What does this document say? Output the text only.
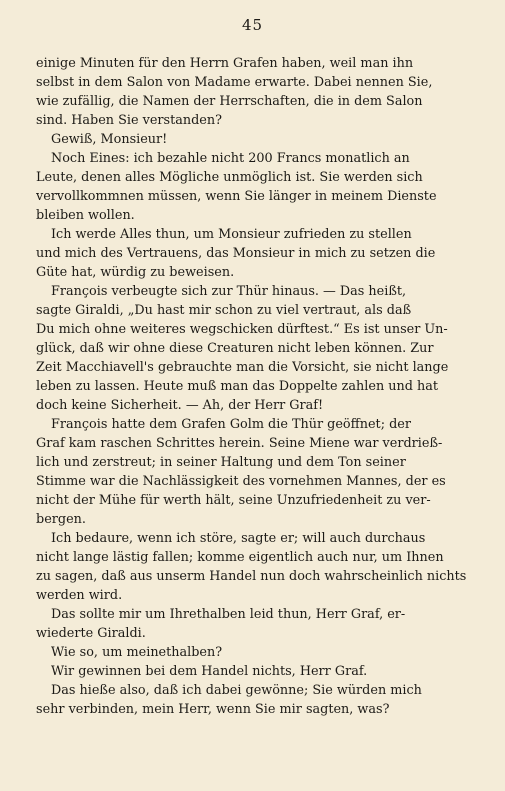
45
einige Minuten für den Herrn Grafen haben, weil man ihn
selbst in dem Salon von Madame erwarte. Dabei nennen Sie,
wie zufällig, die Namen der Herrschaften, die in dem Salon
sind. Haben Sie verstanden?
Gewiß, Monsieur!
Noch Eines: ich bezahle nicht 200 Francs monatlich an
Leute, denen alles Mögliche unmöglich ist. Sie werden sich
vervollkommnen müssen, wenn Sie länger in meinem Dienste
bleiben wollen.
Ich werde Alles thun, um Monsieur zufrieden zu stellen
und mich des Vertrauens, das Monsieur in mich zu setzen die
Güte hat, würdig zu beweisen.
François verbeugte sich zur Thür hinaus. — Das heißt,
sagte Giraldi, „Du hast mir schon zu viel vertraut, als daß
Du mich ohne weiteres wegschicken dürftest.“ Es ist unser Un-
glück, daß wir ohne diese Creaturen nicht leben können. Zur
Zeit Macchiavell's gebrauchte man die Vorsicht, sie nicht lange
leben zu lassen. Heute muß man das Doppelte zahlen und hat
doch keine Sicherheit. — Ah, der Herr Graf!
François hatte dem Grafen Golm die Thür geöffnet; der
Graf kam raschen Schrittes herein. Seine Miene war verdrieß-
lich und zerstreut; in seiner Haltung und dem Ton seiner
Stimme war die Nachlässigkeit des vornehmen Mannes, der es
nicht der Mühe für werth hält, seine Unzufriedenheit zu ver-
bergen.
Ich bedaure, wenn ich störe, sagte er; will auch durchaus
nicht lange lästig fallen; komme eigentlich auch nur, um Ihnen
zu sagen, daß aus unserm Handel nun doch wahrscheinlich nichts
werden wird.
Das sollte mir um Ihrethalben leid thun, Herr Graf, er-
wiederte Giraldi.
Wie so, um meinethalben?
Wir gewinnen bei dem Handel nichts, Herr Graf.
Das hieße also, daß ich dabei gewönne; Sie würden mich
sehr verbinden, mein Herr, wenn Sie mir sagten, was?
